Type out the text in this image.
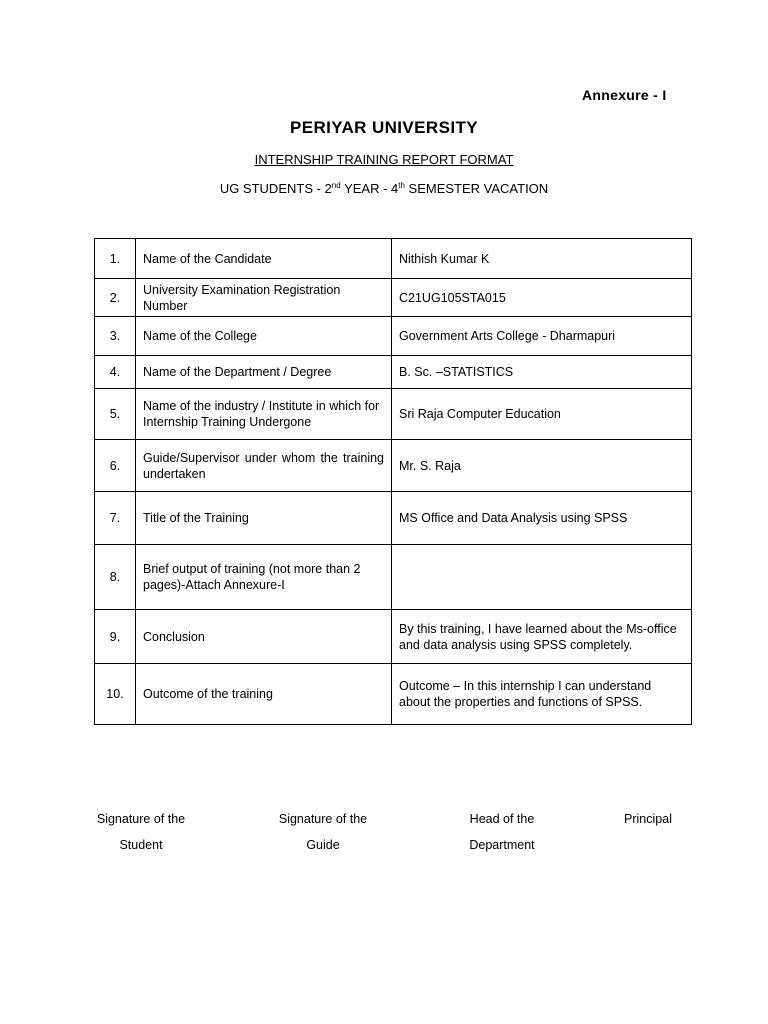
Annexure - I
PERIYAR UNIVERSITY
INTERNSHIP TRAINING REPORT FORMAT
UG STUDENTS - 2nd YEAR - 4th SEMESTER VACATION
1.	Name of the Candidate	Nithish Kumar K
2.	University Examination Registration Number	C21UG105STA015
3.	Name of the College	Government Arts College - Dharmapuri
4.	Name of the Department / Degree	B. Sc. –STATISTICS
5.	Name of the industry / Institute in which for Internship Training Undergone	Sri Raja Computer Education
6.	Guide/Supervisor under whom the training undertaken	Mr. S. Raja
7.	Title of the Training	MS Office and Data Analysis using SPSS
8.	Brief output of training (not more than 2 pages)-Attach Annexure-I	
9.	Conclusion	By this training, I have learned about the Ms-office and data analysis using SPSS completely.
10.	Outcome of the training	Outcome – In this internship I can understand about the properties and functions of SPSS.
Signature of the
Student
Signature of the
Guide
Head of the
Department
Principal
